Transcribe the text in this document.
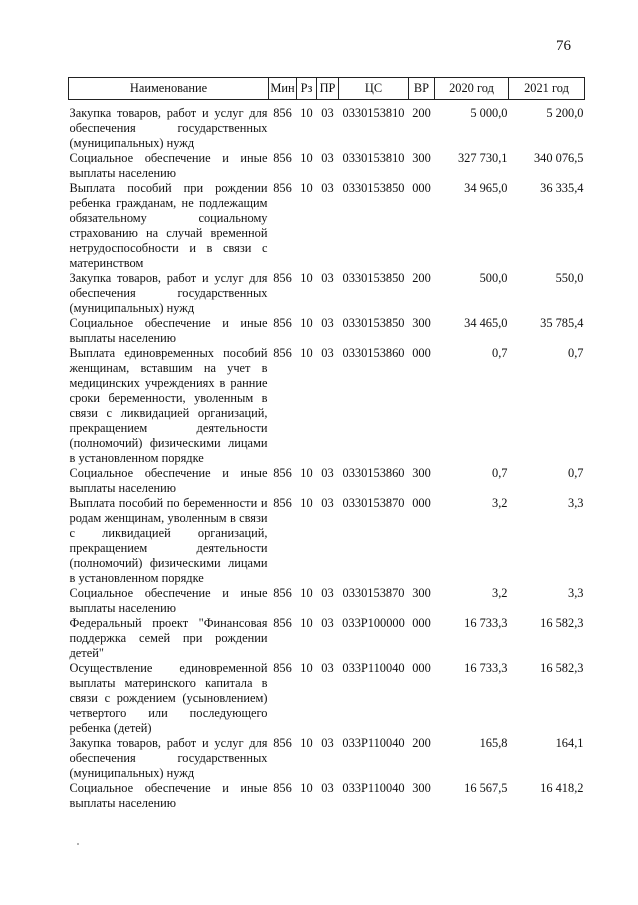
76
Наименование	Мин	Рз	ПР	ЦС	ВР	2020 год	2021 год
Закупка товаров, работ и услуг для обеспечения государственных (муниципальных) нужд	856	10	03	0330153810	200	5 000,0	5 200,0
Социальное обеспечение и иные выплаты населению	856	10	03	0330153810	300	327 730,1	340 076,5
Выплата пособий при рождении ребенка гражданам, не подлежащим обязательному социальному страхованию на случай временной нетрудоспособности и в связи с материнством	856	10	03	0330153850	000	34 965,0	36 335,4
Закупка товаров, работ и услуг для обеспечения государственных (муниципальных) нужд	856	10	03	0330153850	200	500,0	550,0
Социальное обеспечение и иные выплаты населению	856	10	03	0330153850	300	34 465,0	35 785,4
Выплата единовременных пособий женщинам, вставшим на учет в медицинских учреждениях в ранние сроки беременности, уволенным в связи с ликвидацией организаций, прекращением деятельности (полномочий) физическими лицами в установленном порядке	856	10	03	0330153860	000	0,7	0,7
Социальное обеспечение и иные выплаты населению	856	10	03	0330153860	300	0,7	0,7
Выплата пособий по беременности и родам женщинам, уволенным в связи с ликвидацией организаций, прекращением деятельности (полномочий) физическими лицами в установленном порядке	856	10	03	0330153870	000	3,2	3,3
Социальное обеспечение и иные выплаты населению	856	10	03	0330153870	300	3,2	3,3
Федеральный проект "Финансовая поддержка семей при рождении детей"	856	10	03	033P100000	000	16 733,3	16 582,3
Осуществление единовременной выплаты материнского капитала в связи с рождением (усыновлением) четвертого или последующего ребенка (детей)	856	10	03	033P110040	000	16 733,3	16 582,3
Закупка товаров, работ и услуг для обеспечения государственных (муниципальных) нужд	856	10	03	033P110040	200	165,8	164,1
Социальное обеспечение и иные выплаты населению	856	10	03	033P110040	300	16 567,5	16 418,2
